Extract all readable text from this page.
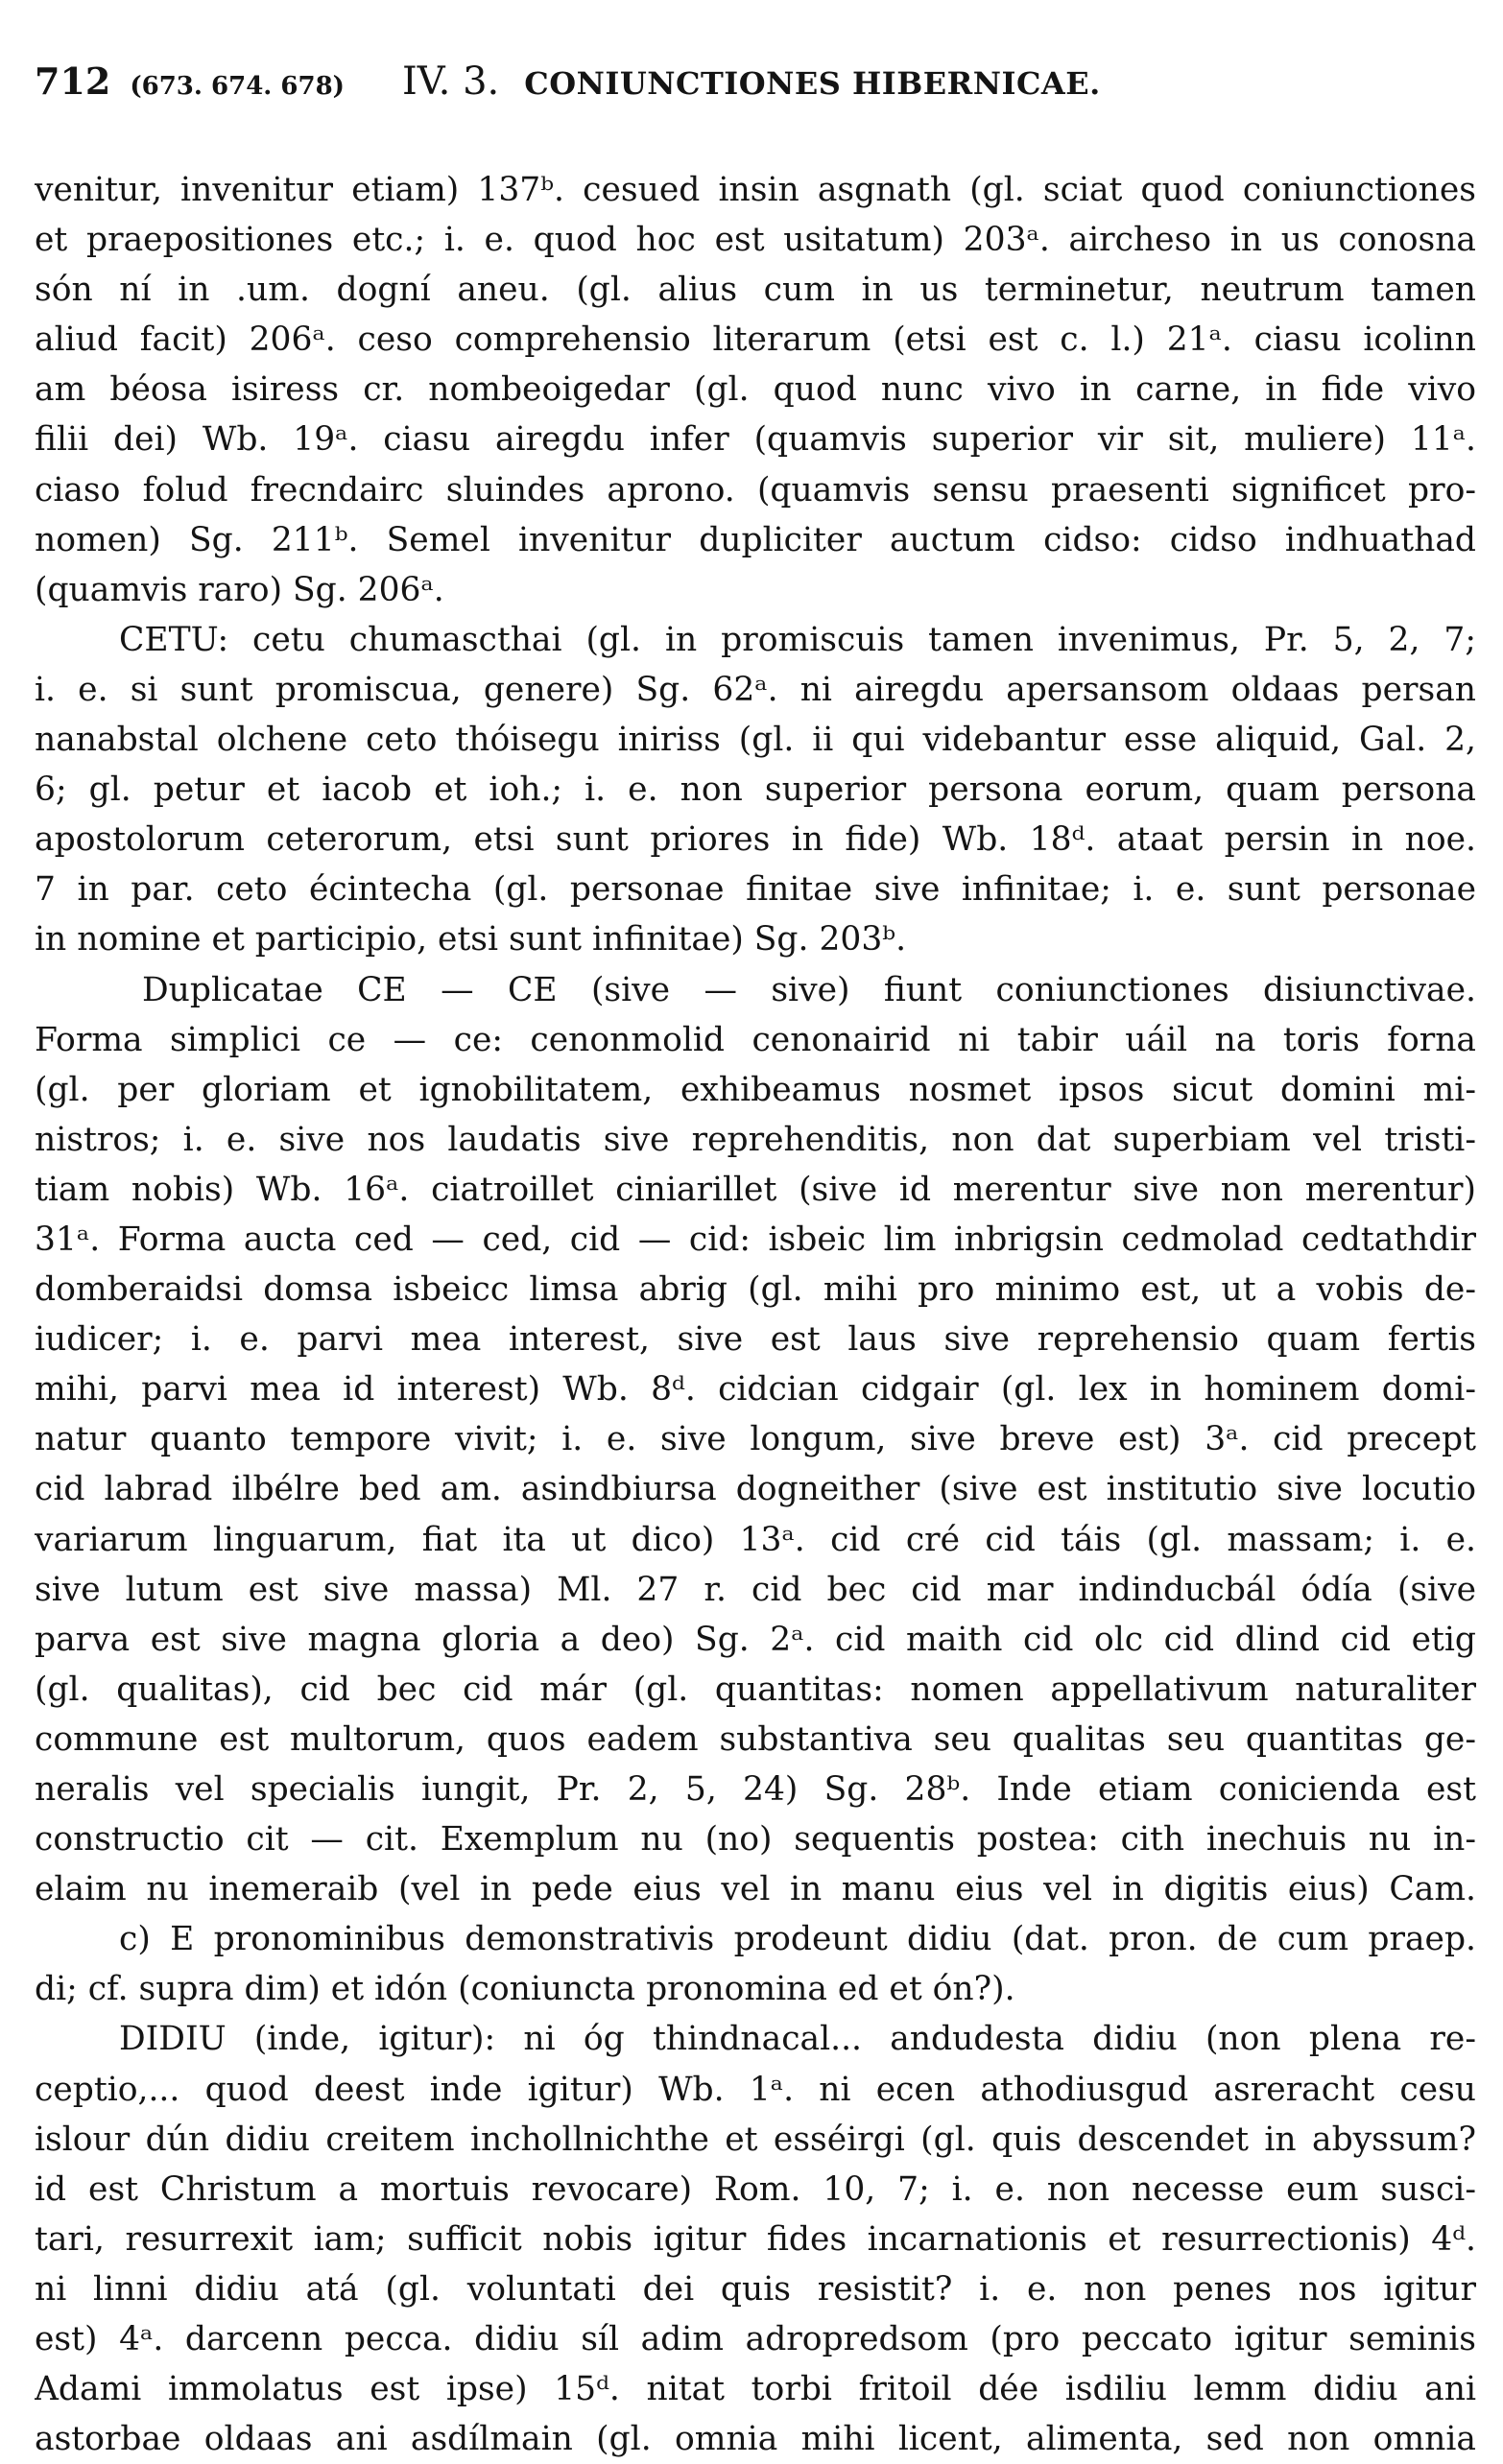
712 (673. 674. 678) IV. 3. CONIUNCTIONES HIBERNICAE.
venitur, invenitur etiam) 137ᵇ. cesued insin asgnath (gl. sciat quod coniunctiones
et praepositiones etc.; i. e. quod hoc est usitatum) 203ᵃ. aircheso in us conosna
són ní in .um. dogní aneu. (gl. alius cum in us terminetur, neutrum tamen
aliud facit) 206ᵃ. ceso comprehensio literarum (etsi est c. l.) 21ᵃ. ciasu icolinn
am béosa isiress cr. nombeoigedar (gl. quod nunc vivo in carne, in fide vivo
filii dei) Wb. 19ᵃ. ciasu airegdu infer (quamvis superior vir sit, muliere) 11ᵃ.
ciaso folud frecndairc sluindes aprono. (quamvis sensu praesenti significet pro-
nomen) Sg. 211ᵇ. Semel invenitur dupliciter auctum cidso: cidso indhuathad
(quamvis raro) Sg. 206ᵃ.
CETU: cetu chumascthai (gl. in promiscuis tamen invenimus, Pr. 5, 2, 7;
i. e. si sunt promiscua, genere) Sg. 62ᵃ. ni airegdu apersansom oldaas persan
nanabstal olchene ceto thóisegu iniriss (gl. ii qui videbantur esse aliquid, Gal. 2,
6; gl. petur et iacob et ioh.; i. e. non superior persona eorum, quam persona
apostolorum ceterorum, etsi sunt priores in fide) Wb. 18ᵈ. ataat persin in noe.
7 in par. ceto écintecha (gl. personae finitae sive infinitae; i. e. sunt personae
in nomine et participio, etsi sunt infinitae) Sg. 203ᵇ.
Duplicatae CE — CE (sive — sive) fiunt coniunctiones disiunctivae.
Forma simplici ce — ce: cenonmolid cenonairid ni tabir uáil na toris forna
(gl. per gloriam et ignobilitatem, exhibeamus nosmet ipsos sicut domini mi-
nistros; i. e. sive nos laudatis sive reprehenditis, non dat superbiam vel tristi-
tiam nobis) Wb. 16ᵃ. ciatroillet ciniarillet (sive id merentur sive non merentur)
31ᵃ. Forma aucta ced — ced, cid — cid: isbeic lim inbrigsin cedmolad cedtathdir
domberaidsi domsa isbeicc limsa abrig (gl. mihi pro minimo est, ut a vobis de-
iudicer; i. e. parvi mea interest, sive est laus sive reprehensio quam fertis
mihi, parvi mea id interest) Wb. 8ᵈ. cidcian cidgair (gl. lex in hominem domi-
natur quanto tempore vivit; i. e. sive longum, sive breve est) 3ᵃ. cid precept
cid labrad ilbélre bed am. asindbiursa dogneither (sive est institutio sive locutio
variarum linguarum, fiat ita ut dico) 13ᵃ. cid cré cid táis (gl. massam; i. e.
sive lutum est sive massa) Ml. 27 r. cid bec cid mar indinducbál ódía (sive
parva est sive magna gloria a deo) Sg. 2ᵃ. cid maith cid olc cid dlind cid etig
(gl. qualitas), cid bec cid már (gl. quantitas: nomen appellativum naturaliter
commune est multorum, quos eadem substantiva seu qualitas seu quantitas ge-
neralis vel specialis iungit, Pr. 2, 5, 24) Sg. 28ᵇ. Inde etiam conicienda est
constructio cit — cit. Exemplum nu (no) sequentis postea: cith inechuis nu in-
elaim nu inemeraib (vel in pede eius vel in manu eius vel in digitis eius) Cam.
c) E pronominibus demonstrativis prodeunt didiu (dat. pron. de cum praep.
di; cf. supra dim) et idón (coniuncta pronomina ed et ón?).
DIDIU (inde, igitur): ni óg thindnacal... andudesta didiu (non plena re-
ceptio,... quod deest inde igitur) Wb. 1ᵃ. ni ecen athodiusgud asreracht cesu
islour dún didiu creitem inchollnichthe et esséirgi (gl. quis descendet in abyssum?
id est Christum a mortuis revocare) Rom. 10, 7; i. e. non necesse eum susci-
tari, resurrexit iam; sufficit nobis igitur fides incarnationis et resurrectionis) 4ᵈ.
ni linni didiu atá (gl. voluntati dei quis resistit? i. e. non penes nos igitur
est) 4ᵃ. darcenn pecca. didiu síl adim adropredsom (pro peccato igitur seminis
Adami immolatus est ipse) 15ᵈ. nitat torbi fritoil dée isdiliu lemm didiu ani
astorbae oldaas ani asdílmain (gl. omnia mihi licent, alimenta, sed non omnia
